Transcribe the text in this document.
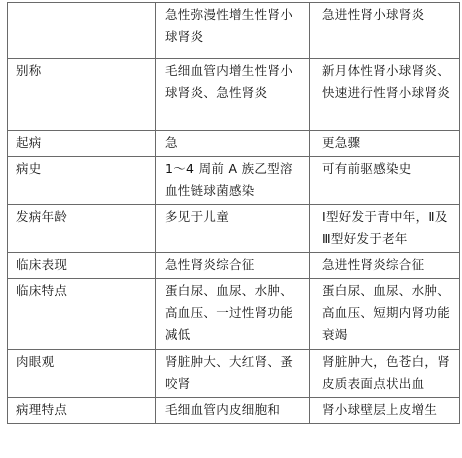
	急性弥漫性增生性肾小球肾炎	急进性肾小球肾炎
别称	毛细血管内增生性肾小球肾炎、急性肾炎	新月体性肾小球肾炎、快速进行性肾小球肾炎
起病	急	更急骤
病史	1～4 周前 A 族乙型溶血性链球菌感染	可有前驱感染史
发病年龄	多见于儿童	Ⅰ型好发于青中年，Ⅱ及Ⅲ型好发于老年
临床表现	急性肾炎综合征	急进性肾炎综合征
临床特点	蛋白尿、血尿、水肿、高血压、一过性肾功能减低	蛋白尿、血尿、水肿、高血压、短期内肾功能衰竭
肉眼观	肾脏肿大、大红肾、蚤咬肾	肾脏肿大，色苍白，肾皮质表面点状出血
病理特点	毛细血管内皮细胞和	肾小球壁层上皮增生
